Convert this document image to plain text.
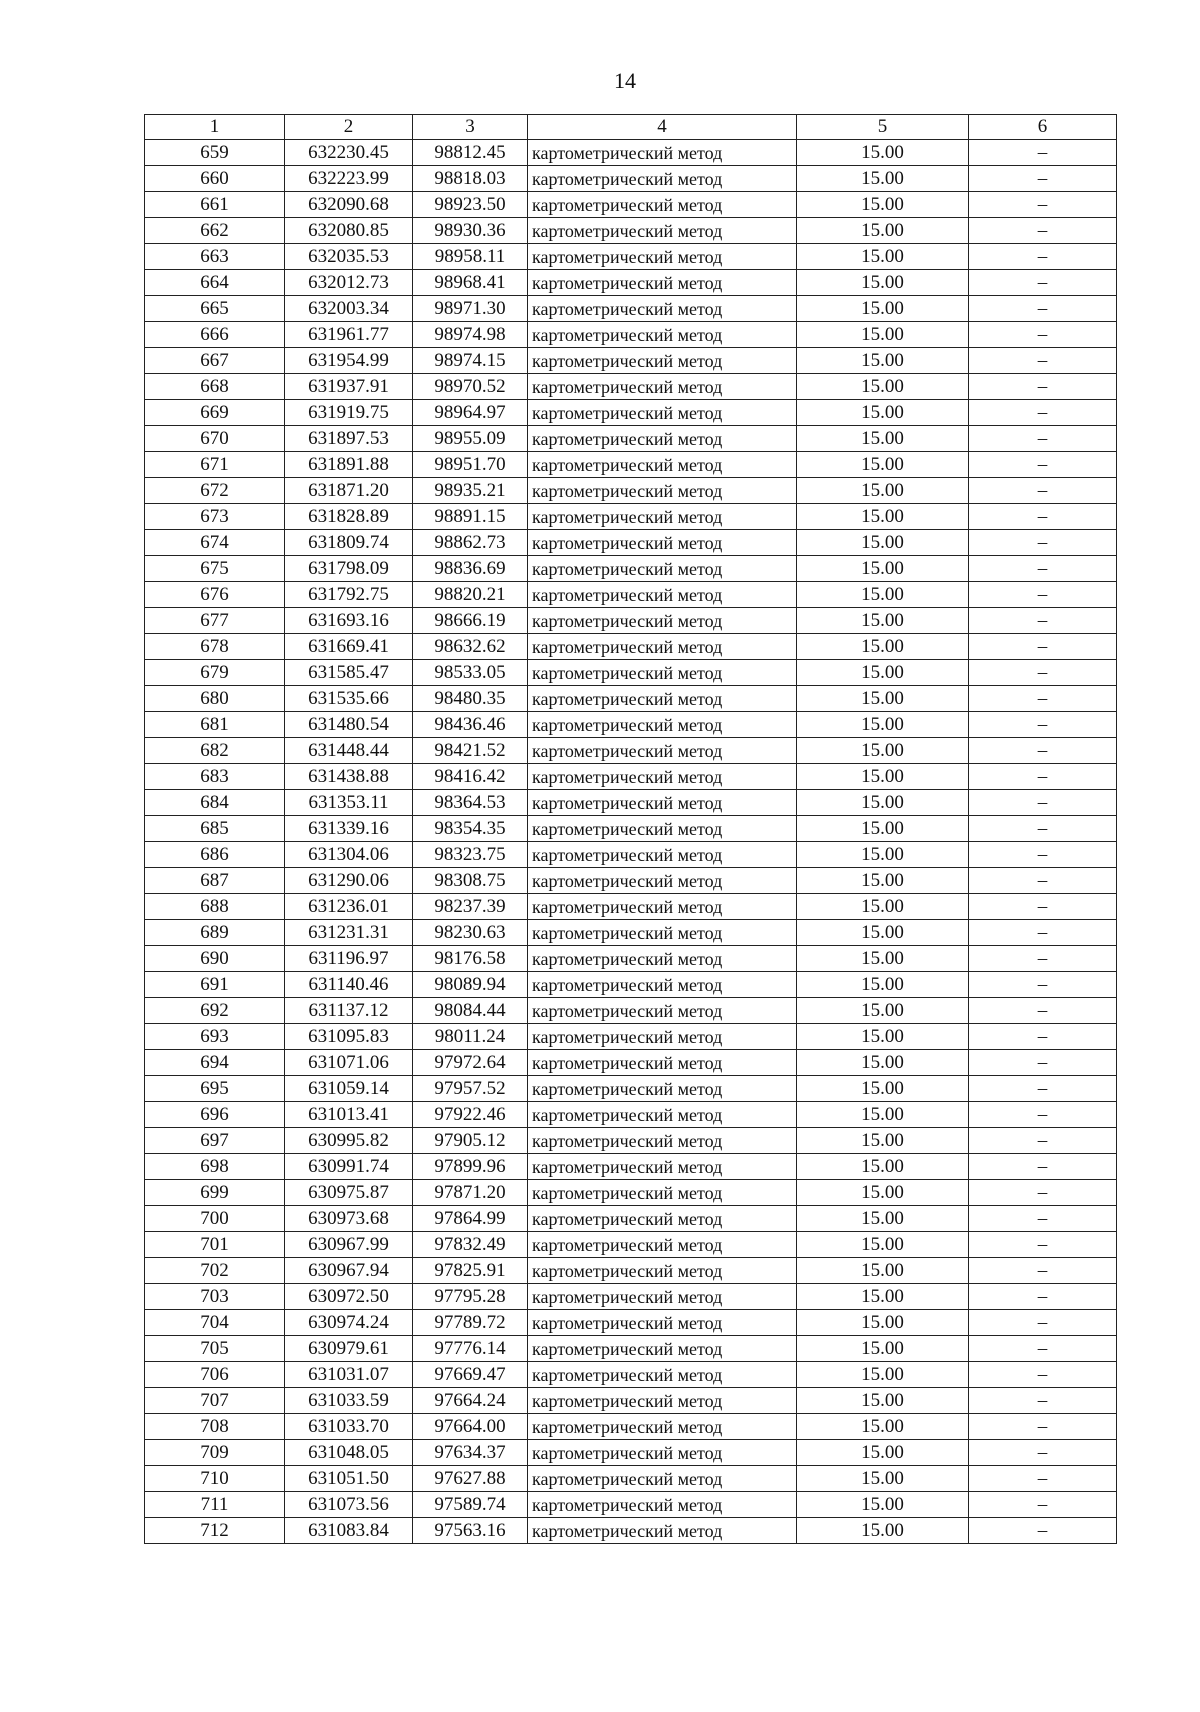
14
1	2	3	4	5	6
659	632230.45	98812.45	картометрический метод	15.00	–
660	632223.99	98818.03	картометрический метод	15.00	–
661	632090.68	98923.50	картометрический метод	15.00	–
662	632080.85	98930.36	картометрический метод	15.00	–
663	632035.53	98958.11	картометрический метод	15.00	–
664	632012.73	98968.41	картометрический метод	15.00	–
665	632003.34	98971.30	картометрический метод	15.00	–
666	631961.77	98974.98	картометрический метод	15.00	–
667	631954.99	98974.15	картометрический метод	15.00	–
668	631937.91	98970.52	картометрический метод	15.00	–
669	631919.75	98964.97	картометрический метод	15.00	–
670	631897.53	98955.09	картометрический метод	15.00	–
671	631891.88	98951.70	картометрический метод	15.00	–
672	631871.20	98935.21	картометрический метод	15.00	–
673	631828.89	98891.15	картометрический метод	15.00	–
674	631809.74	98862.73	картометрический метод	15.00	–
675	631798.09	98836.69	картометрический метод	15.00	–
676	631792.75	98820.21	картометрический метод	15.00	–
677	631693.16	98666.19	картометрический метод	15.00	–
678	631669.41	98632.62	картометрический метод	15.00	–
679	631585.47	98533.05	картометрический метод	15.00	–
680	631535.66	98480.35	картометрический метод	15.00	–
681	631480.54	98436.46	картометрический метод	15.00	–
682	631448.44	98421.52	картометрический метод	15.00	–
683	631438.88	98416.42	картометрический метод	15.00	–
684	631353.11	98364.53	картометрический метод	15.00	–
685	631339.16	98354.35	картометрический метод	15.00	–
686	631304.06	98323.75	картометрический метод	15.00	–
687	631290.06	98308.75	картометрический метод	15.00	–
688	631236.01	98237.39	картометрический метод	15.00	–
689	631231.31	98230.63	картометрический метод	15.00	–
690	631196.97	98176.58	картометрический метод	15.00	–
691	631140.46	98089.94	картометрический метод	15.00	–
692	631137.12	98084.44	картометрический метод	15.00	–
693	631095.83	98011.24	картометрический метод	15.00	–
694	631071.06	97972.64	картометрический метод	15.00	–
695	631059.14	97957.52	картометрический метод	15.00	–
696	631013.41	97922.46	картометрический метод	15.00	–
697	630995.82	97905.12	картометрический метод	15.00	–
698	630991.74	97899.96	картометрический метод	15.00	–
699	630975.87	97871.20	картометрический метод	15.00	–
700	630973.68	97864.99	картометрический метод	15.00	–
701	630967.99	97832.49	картометрический метод	15.00	–
702	630967.94	97825.91	картометрический метод	15.00	–
703	630972.50	97795.28	картометрический метод	15.00	–
704	630974.24	97789.72	картометрический метод	15.00	–
705	630979.61	97776.14	картометрический метод	15.00	–
706	631031.07	97669.47	картометрический метод	15.00	–
707	631033.59	97664.24	картометрический метод	15.00	–
708	631033.70	97664.00	картометрический метод	15.00	–
709	631048.05	97634.37	картометрический метод	15.00	–
710	631051.50	97627.88	картометрический метод	15.00	–
711	631073.56	97589.74	картометрический метод	15.00	–
712	631083.84	97563.16	картометрический метод	15.00	–
